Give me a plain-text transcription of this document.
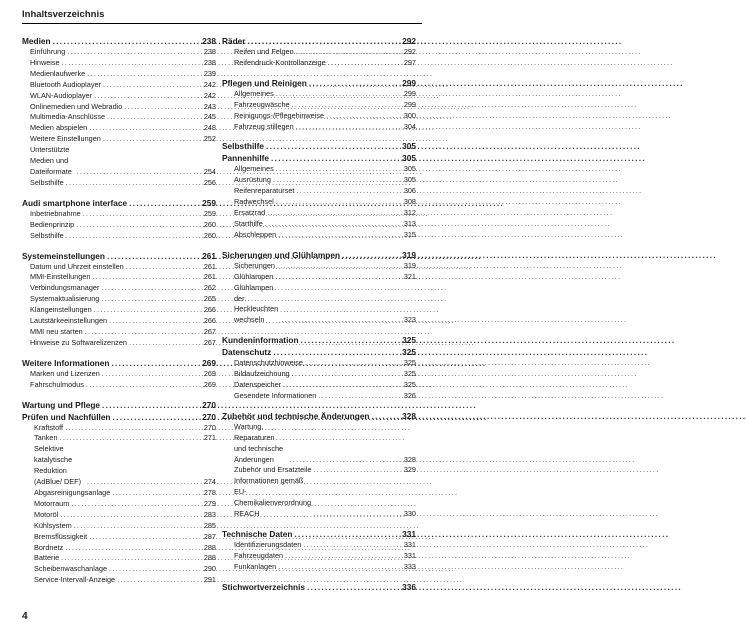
Inhaltsverzeichnis
Medien .....	238
Einführung .....	238
Hinweise .....	238
Medienlaufwerke .....	239
Bluetooth Audioplayer .....	242
WLAN-Audioplayer .....	242
Onlinemedien und Webradio .....	243
Multimedia-Anschlüsse .....	245
Medien abspielen .....	248
Weitere Einstellungen .....	252
Unterstützte Medien und Dateiformate .....	254
Selbsthilfe .....	256
Audi smartphone interface .....	259
Inbetriebnahme .....	259
Bedienprinzip .....	260
Selbsthilfe .....	260
Systemeinstellungen .....	261
Datum und Uhrzeit einstellen .....	261
MMI-Einstellungen .....	261
Verbindungsmanager .....	262
Systemaktualisierung .....	265
Klangeinstellungen .....	266
Lautstärkeeinstellungen .....	266
MMI neu starten .....	267
Hinweise zu Softwarelizenzen .....	267
Weitere Informationen .....	269
Marken und Lizenzen .....	269
Fahrschulmodus .....	269
Wartung und Pflege .....	270
Prüfen und Nachfüllen .....	270
Kraftstoff .....	270
Tanken .....	271
Selektive katalytische Reduktion (AdBlue/ DEF) .....	274
Abgasreinigungsanlage .....	278
Motorraum .....	279
Motoröl .....	283
Kühlsystem .....	285
Bremsflüssigkeit .....	287
Bordnetz .....	288
Batterie .....	288
Scheibenwaschanlage .....	290
Service-Intervall-Anzeige .....	291
Räder .....	292
Reifen und Felgen .....	292
Reifendruck-Kontrollanzeige .....	297
Pflegen und Reinigen .....	299
Allgemeines .....	299
Fahrzeugwäsche .....	299
Reinigungs-/Pflegehinweise .....	300
Fahrzeug stillegen .....	304
Selbsthilfe .....	305
Pannenhilfe .....	305
Allgemeines .....	305
Ausrüstung .....	305
Reifenreparaturset .....	306
Radwechsel .....	308
Ersatzrad .....	312
Starthilfe .....	313
Abschleppen .....	315
Sicherungen und Glühlampen .....	319
Sicherungen .....	319
Glühlampen .....	321
Glühlampen der Heckleuchten wechseln .....	323
Kundeninformation .....	325
Datenschutz .....	325
Datenschutzhinweise .....	325
Bildaufzeichnung .....	325
Datenspeicher .....	325
Gesendete Informationen .....	326
Zubehör und technische Änderungen .....	328
Wartung, Reparaturen und technische Änderungen .....	328
Zubehör und Ersatzteile .....	329
Informationen gemäß EU-Chemikalienverordnung REACH .....	330
Technische Daten .....	331
Identifizierungsdaten .....	331
Fahrzeugdaten .....	331
Funkanlagen .....	333
Stichwortverzeichnis .....	336
4
